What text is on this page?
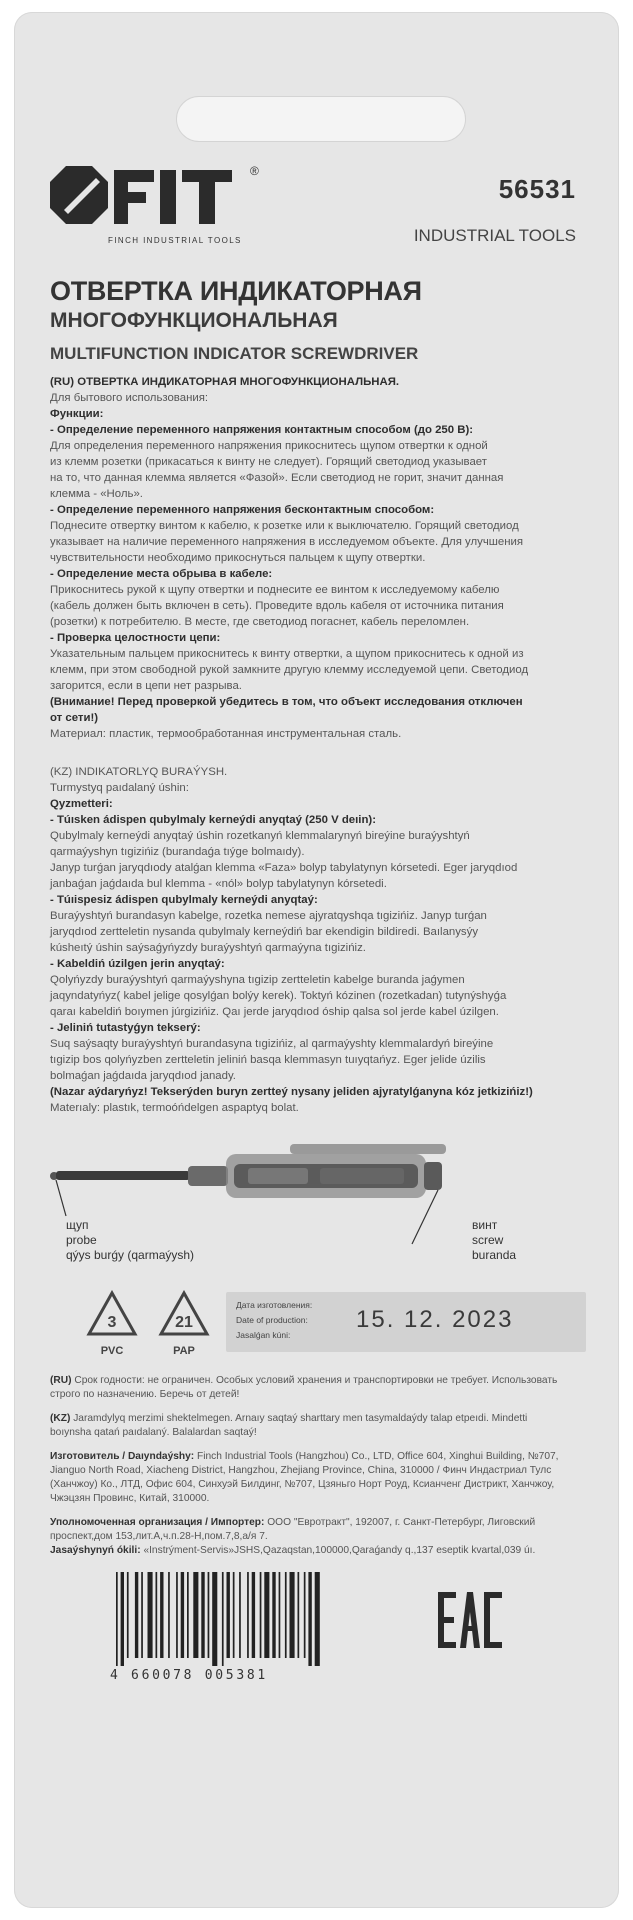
®
FINCH INDUSTRIAL TOOLS
56531
INDUSTRIAL TOOLS
ОТВЕРТКА ИНДИКАТОРНАЯ
МНОГОФУНКЦИОНАЛЬНАЯ
MULTIFUNCTION INDICATOR SCREWDRIVER
(RU) ОТВЕРТКА ИНДИКАТОРНАЯ МНОГОФУНКЦИОНАЛЬНАЯ.
Для бытового использования:
Функции:
- Определение переменного напряжения контактным способом (до 250 В):
Для определения переменного напряжения прикоснитесь щупом отвертки к одной
из клемм розетки (прикасаться к винту не следует). Горящий светодиод указывает
на то, что данная клемма является «Фазой». Если светодиод не горит, значит данная
клемма - «Ноль».
- Определение переменного напряжения бесконтактным способом:
Поднесите отвертку винтом к кабелю, к розетке или к выключателю. Горящий светодиод
указывает на наличие переменного напряжения в исследуемом объекте. Для улучшения
чувствительности необходимо прикоснуться пальцем к щупу отвертки.
- Определение места обрыва в кабеле:
Прикоснитесь рукой к щупу отвертки и поднесите ее винтом к исследуемому кабелю
(кабель должен быть включен в сеть). Проведите вдоль кабеля от источника питания
(розетки) к потребителю. В месте, где светодиод погаснет, кабель переломлен.
- Проверка целостности цепи:
Указательным пальцем прикоснитесь к винту отвертки, а щупом прикоснитесь к одной из
клемм, при этом свободной рукой замкните другую клемму исследуемой цепи. Светодиод
загорится, если в цепи нет разрыва.
(Внимание! Перед проверкой убедитесь в том, что объект исследования отключен
от сети!)
Материал: пластик, термообработанная инструментальная сталь.
(KZ) INDIKATORLYQ BURAÝYSH.
Turmystyq paıdalaný úshin:
Qyzmetteri:
- Túısken ádispen qubylmaly kerneýdi anyqtaý (250 V deıin):
Qubylmaly kerneýdi anyqtaý úshin rozetkanyń klemmalarynyń bireýine buraýyshtyń
qarmaýyshyn tıgizińiz (burandaǵa tıýge bolmaıdy).
Janyp turǵan jaryqdıody atalǵan klemma «Faza» bolyp tabylatynyn kórsetedi. Eger jaryqdıod
janbaǵan jaǵdaıda bul klemma - «nól» bolyp tabylatynyn kórsetedi.
- Túıispesiz ádispen qubylmaly kerneýdi anyqtaý:
Buraýyshtyń burandasyn kabelge, rozetka nemese ajyratqyshqa tıgizińiz. Janyp turǵan
jaryqdıod zertteletin nysanda qubylmaly kerneýdiń bar ekendigin bildiredi. Baılanysýy
kúsheıtý úshin saýsaǵyńyzdy buraýyshtyń qarmaýyna tıgizińiz.
- Kabeldiń úzilgen jerin anyqtaý:
Qolyńyzdy buraýyshtyń qarmaýyshyna tıgizip zertteletin kabelge buranda jaǵymen
jaqyndatyńyz( kabel jelige qosylǵan bolýy kerek). Toktyń kózinen (rozetkadan) tutynýshyǵa
qaraı kabeldiń boıymen júrgizińiz. Qaı jerde jaryqdıod óship qalsa sol jerde kabel úzilgen.
- Jeliniń tutastyǵyn tekserý:
Suq saýsaqty buraýyshtyń burandasyna tıgizińiz, al qarmaýyshty klemmalardyń bireýine
tıgizip bos qolyńyzben zertteletin jeliniń basqa klemmasyn tuıyqtańyz. Eger jelide úzilis
bolmaǵan jaǵdaıda jaryqdıod janady.
(Nazar aýdaryńyz! Tekserýden buryn zertteý nysany jeliden ajyratylǵanyna kóz jetkizińiz!)
Materıaly: plastık, termoóńdelgen aspaptyq bolat.
щуп
probe
qýys burǵy (qarmaýysh)
винт
screw
buranda
3
PVC
21
PAP
Дата изготовления:
Date of production:
Jasalǵan kúni:
15. 12. 2023
(RU) Срок годности: не ограничен. Особых условий хранения и транспортировки не требует. Использовать
строго по назначению. Беречь от детей!
(KZ) Jaramdylyq merzimi shektelmegen. Arnaıy saqtaý sharttary men tasymaldaýdy talap etpeıdi. Mindetti
boıynsha qatań paıdalaný. Balalardan saqtaý!
Изготовитель / Daıyndaýshy: Finch Industrial Tools (Hangzhou) Co., LTD, Office 604, Xinghui Building, №707,
Jianguo North Road, Xiacheng District, Hangzhou, Zhejiang Province, China, 310000 / Финч Индастриал Тулс
(Ханчжоу) Ко., ЛТД, Офис 604, Синхуэй Билдинг, №707, Цзяньго Норт Роуд, Ксианченг Дистрикт, Ханчжоу,
Чжэцзян Провинс, Китай, 310000.
Уполномоченная организация / Импортер: ООО "Евротракт", 192007, г. Санкт-Петербург, Лиговский
проспект,дом 153,лит.А,ч.п.28-Н,пом.7,8,а/я 7.
Jasaýshynyń ókili: «Instrýment-Servis»JSHS,Qazaqstan,100000,Qaraǵandy q.,137 eseptik kvartal,039 úı.
4 660078 005381
